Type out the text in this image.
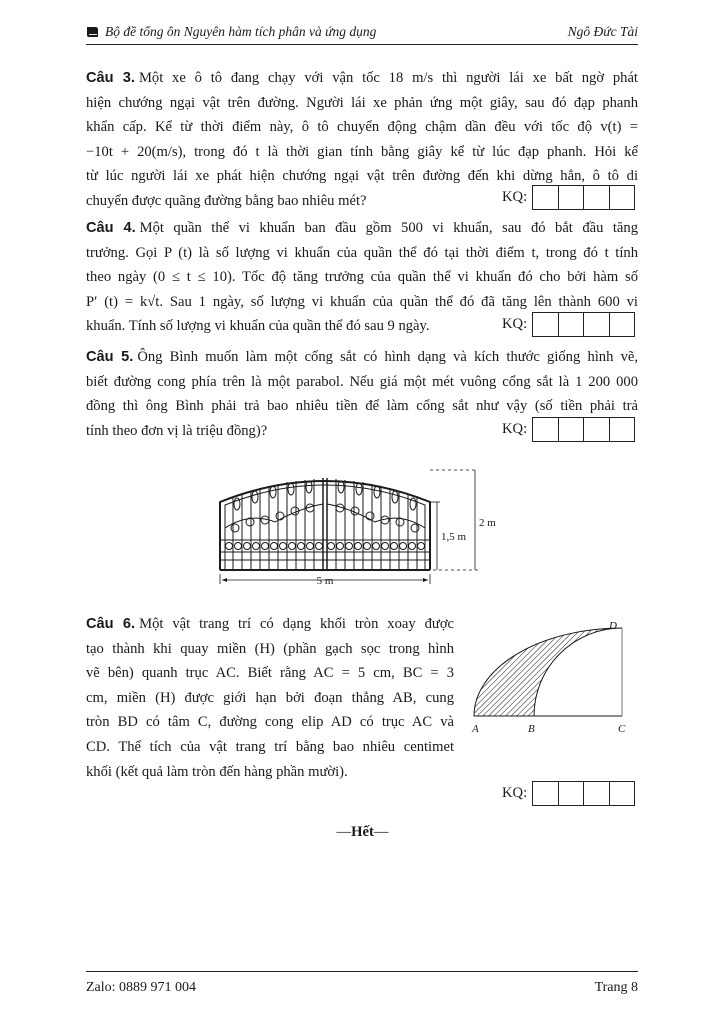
Bộ đề tổng ôn Nguyên hàm tích phân và ứng dụng	Ngô Đức Tài
Câu 3. Một xe ô tô đang chạy với vận tốc 18 m/s thì người lái xe bất ngờ phát
hiện chướng ngại vật trên đường. Người lái xe phản ứng một giây, sau đó đạp phanh
khẩn cấp. Kể từ thời điểm này, ô tô chuyển động chậm dần đều với tốc độ v(t) =
−10t + 20(m/s), trong đó t là thời gian tính bằng giây kể từ lúc đạp phanh. Hỏi kể
từ lúc người lái xe phát hiện chướng ngại vật trên đường đến khi dừng hẳn, ô tô di
chuyển được quãng đường bằng bao nhiêu mét?	KQ:
Câu 4. Một quần thể vi khuẩn ban đầu gồm 500 vi khuẩn, sau đó bắt đầu tăng
trưởng. Gọi P (t) là số lượng vi khuẩn của quần thể đó tại thời điểm t, trong đó t tính
theo ngày (0 ≤ t ≤ 10). Tốc độ tăng trưởng của quần thể vi khuẩn đó cho bởi hàm số
P′ (t) = k√t. Sau 1 ngày, số lượng vi khuẩn của quần thể đó đã tăng lên thành 600 vi
khuẩn. Tính số lượng vi khuẩn của quần thể đó sau 9 ngày.	KQ:
Câu 5. Ông Bình muốn làm một cổng sắt có hình dạng và kích thước giống hình vẽ,
biết đường cong phía trên là một parabol. Nếu giá một mét vuông cổng sắt là 1 200 000
đồng thì ông Bình phải trả bao nhiêu tiền để làm cổng sắt như vậy (số tiền phải trả
tính theo đơn vị là triệu đồng)?	KQ:
5 m
1,5 m
2 m
Câu 6. Một vật trang trí có dạng khối tròn xoay được
tạo thành khi quay miền (H) (phần gạch sọc trong hình
vẽ bên) quanh trục AC. Biết rằng AC = 5 cm, BC = 3
cm, miền (H) được giới hạn bởi đoạn thẳng AB, cung
tròn BD có tâm C, đường cong elip AD có trục AC và
CD. Thể tích của vật trang trí bằng bao nhiêu centimet
khối (kết quả làm tròn đến hàng phần mười).
A	B	C
D
KQ:
—Hết—
Zalo: 0889 971 004	Trang 8
